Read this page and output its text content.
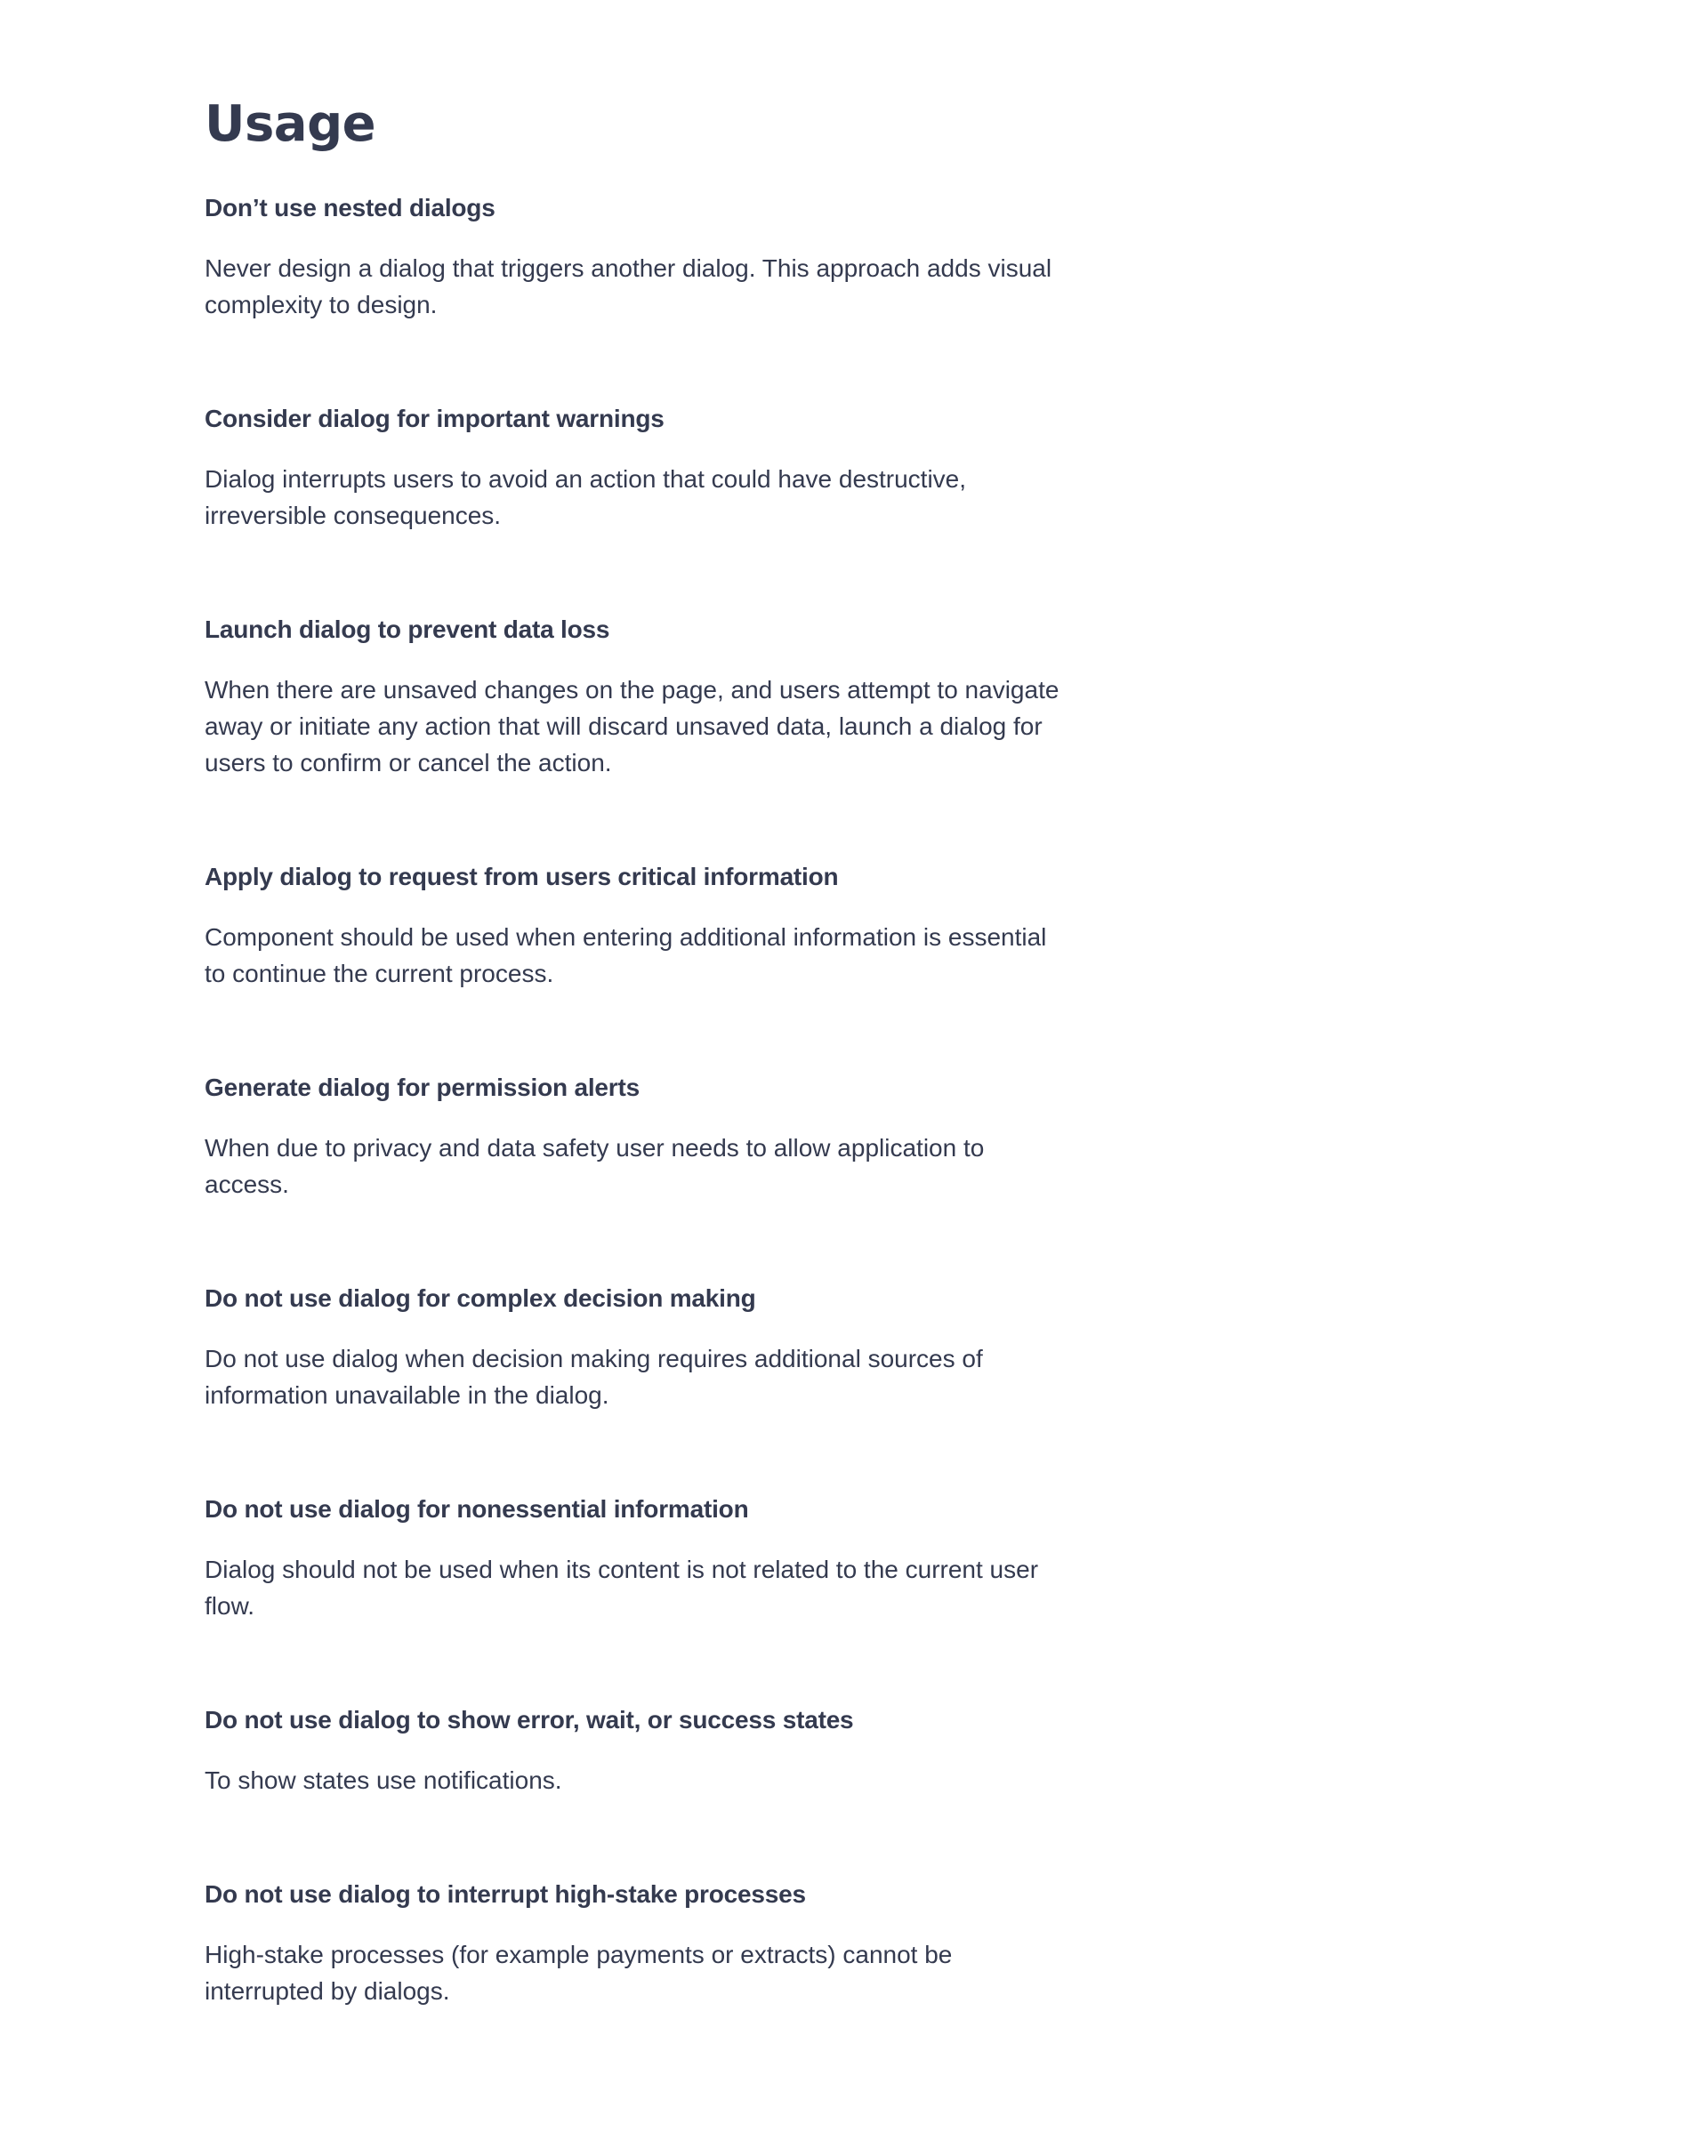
Usage
Don’t use nested dialogs

Never design a dialog that triggers another dialog. This approach adds visual complexity to design.

Consider dialog for important warnings

Dialog interrupts users to avoid an action that could have destructive, irreversible consequences.

Launch dialog to prevent data loss

When there are unsaved changes on the page, and users attempt to navigate away or initiate any action that will discard unsaved data, launch a dialog for users to confirm or cancel the action.

Apply dialog to request from users critical information

Component should be used when entering additional information is essential to continue the current process.

Generate dialog for permission alerts

When due to privacy and data safety user needs to allow application to access.

Do not use dialog for complex decision making

Do not use dialog when decision making requires additional sources of information unavailable in the dialog.

Do not use dialog for nonessential information

Dialog should not be used when its content is not related to the current user flow.

Do not use dialog to show error, wait, or success states

To show states use notifications.

Do not use dialog to interrupt high-stake processes

High-stake processes (for example payments or extracts) cannot be interrupted by dialogs.
